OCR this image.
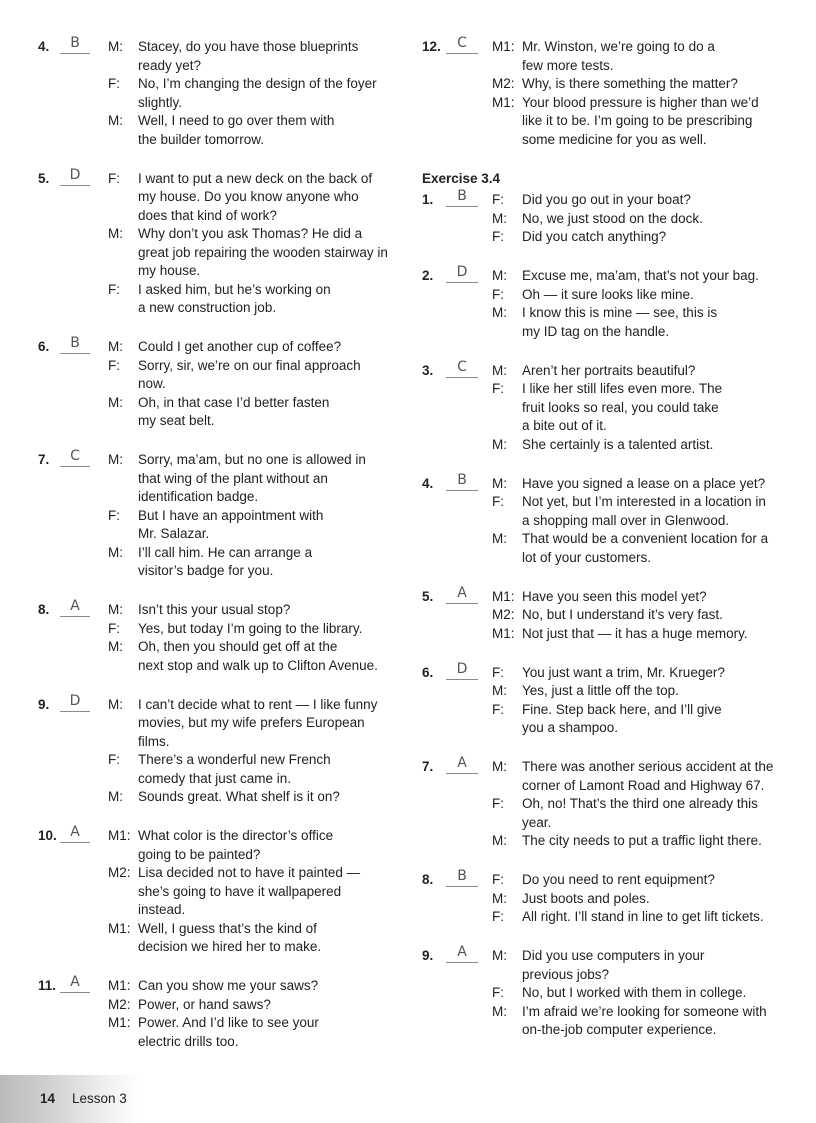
4.	B	M:	Stacey, do you have those blueprints
ready yet?
F:	No, I’m changing the design of the foyer
slightly.
M:	Well, I need to go over them with
the builder tomorrow.
5.	D	F:	I want to put a new deck on the back of
my house. Do you know anyone who
does that kind of work?
M:	Why don’t you ask Thomas? He did a
great job repairing the wooden stairway in
my house.
F:	I asked him, but he’s working on
a new construction job.
6.	B	M:	Could I get another cup of coffee?
F:	Sorry, sir, we’re on our final approach
now.
M:	Oh, in that case I’d better fasten
my seat belt.
7.	C	M:	Sorry, ma’am, but no one is allowed in
that wing of the plant without an
identification badge.
F:	But I have an appointment with
Mr. Salazar.
M:	I’ll call him. He can arrange a
visitor’s badge for you.
8.	A	M:	Isn’t this your usual stop?
F:	Yes, but today I’m going to the library.
M:	Oh, then you should get off at the
next stop and walk up to Clifton Avenue.
9.	D	M:	I can’t decide what to rent — I like funny
movies, but my wife prefers European
films.
F:	There’s a wonderful new French
comedy that just came in.
M:	Sounds great. What shelf is it on?
10. A	M1: What color is the director’s office
going to be painted?
M2: Lisa decided not to have it painted —
she’s going to have it wallpapered
instead.
M1: Well, I guess that’s the kind of
decision we hired her to make.
11.	A	M1: Can you show me your saws?
M2: Power, or hand saws?
M1: Power. And I’d like to see your
electric drills too.
12.	C	M1: Mr. Winston, we’re going to do a
few more tests.
M2: Why, is there something the matter?
M1: Your blood pressure is higher than we’d
like it to be. I’m going to be prescribing
some medicine for you as well.
Exercise 3.4
1.	B	F:	Did you go out in your boat?
M:	No, we just stood on the dock.
F:	Did you catch anything?
2.	D	M:	Excuse me, ma’am, that’s not your bag.
F:	Oh — it sure looks like mine.
M:	I know this is mine — see, this is
my ID tag on the handle.
3.	C	M:	Aren’t her portraits beautiful?
F:	I like her still lifes even more. The
fruit looks so real, you could take
a bite out of it.
M:	She certainly is a talented artist.
4.	B	M:	Have you signed a lease on a place yet?
F:	Not yet, but I’m interested in a location in
a shopping mall over in Glenwood.
M:	That would be a convenient location for a
lot of your customers.
5.	A	M1: Have you seen this model yet?
M2: No, but I understand it’s very fast.
M1: Not just that — it has a huge memory.
6.	D	F:	You just want a trim, Mr. Krueger?
M:	Yes, just a little off the top.
F:	Fine. Step back here, and I’ll give
you a shampoo.
7.	A	M:	There was another serious accident at the
corner of Lamont Road and Highway 67.
F:	Oh, no! That’s the third one already this
year.
M:	The city needs to put a traffic light there.
8.	B	F:	Do you need to rent equipment?
M:	Just boots and poles.
F:	All right. I’ll stand in line to get lift tickets.
9.	A	M:	Did you use computers in your
previous jobs?
F:	No, but I worked with them in college.
M:	I’m afraid we’re looking for someone with
on-the-job computer experience.
14 Lesson 3
